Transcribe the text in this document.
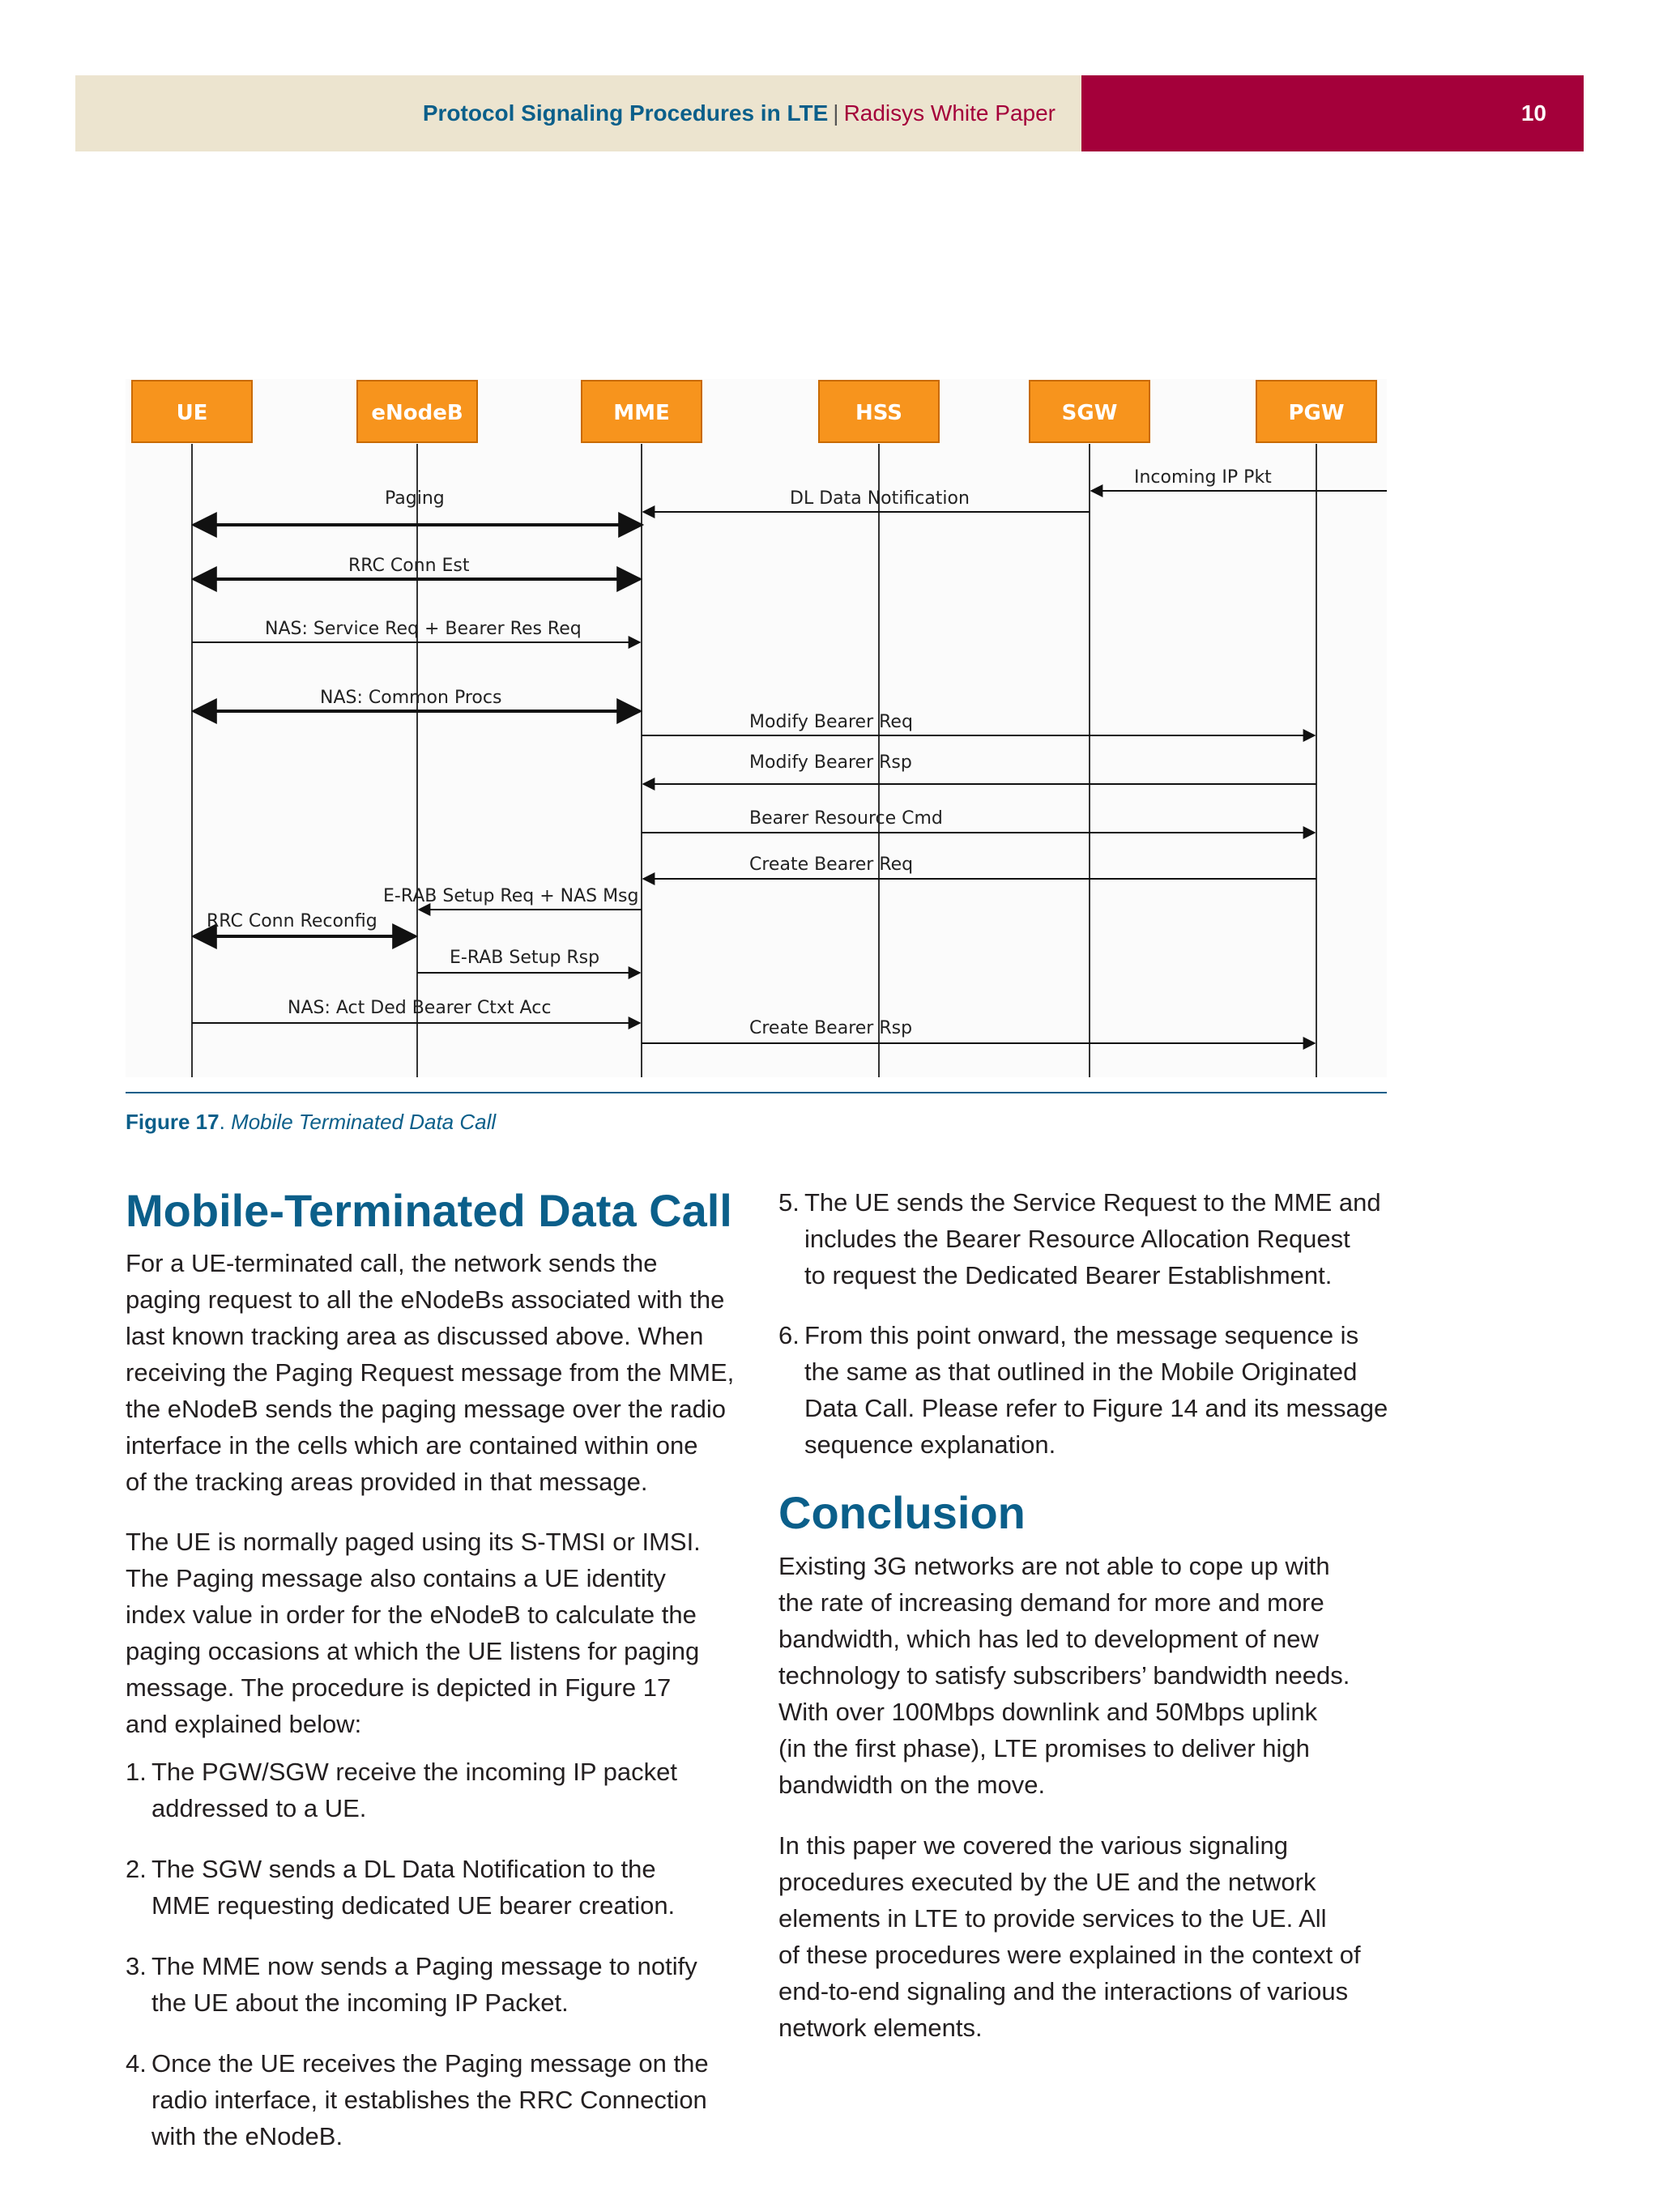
Protocol Signaling Procedures in LTE | Radisys White Paper	10
UE	eNodeB	MME	HSS	SGW	PGW
Incoming IP Pkt
DL Data Notification
Paging
RRC Conn Est
NAS: Service Req + Bearer Res Req
NAS: Common Procs
Modify Bearer Req
Modify Bearer Rsp
Bearer Resource Cmd
Create Bearer Req
E-RAB Setup Req + NAS Msg
RRC Conn Reconfig
E-RAB Setup Rsp
NAS: Act Ded Bearer Ctxt Acc
Create Bearer Rsp
Figure 17. Mobile Terminated Data Call
Mobile-Terminated Data Call

For a UE-terminated call, the network sends the
paging request to all the eNodeBs associated with the
last known tracking area as discussed above. When
receiving the Paging Request message from the MME,
the eNodeB sends the paging message over the radio
interface in the cells which are contained within one
of the tracking areas provided in that message.

The UE is normally paged using its S-TMSI or IMSI.
The Paging message also contains a UE identity
index value in order for the eNodeB to calculate the
paging occasions at which the UE listens for paging
message. The procedure is depicted in Figure 17
and explained below:

1. The PGW/SGW receive the incoming IP packet
addressed to a UE.
2. The SGW sends a DL Data Notification to the
MME requesting dedicated UE bearer creation.
3. The MME now sends a Paging message to notify
the UE about the incoming IP Packet.
4. Once the UE receives the Paging message on the
radio interface, it establishes the RRC Connection
with the eNodeB.
5. The UE sends the Service Request to the MME and
includes the Bearer Resource Allocation Request
to request the Dedicated Bearer Establishment.
6. From this point onward, the message sequence is
the same as that outlined in the Mobile Originated
Data Call. Please refer to Figure 14 and its message
sequence explanation.
Conclusion

Existing 3G networks are not able to cope up with
the rate of increasing demand for more and more
bandwidth, which has led to development of new
technology to satisfy subscribers’ bandwidth needs.
With over 100Mbps downlink and 50Mbps uplink
(in the first phase), LTE promises to deliver high
bandwidth on the move.

In this paper we covered the various signaling
procedures executed by the UE and the network
elements in LTE to provide services to the UE. All
of these procedures were explained in the context of
end-to-end signaling and the interactions of various
network elements.
